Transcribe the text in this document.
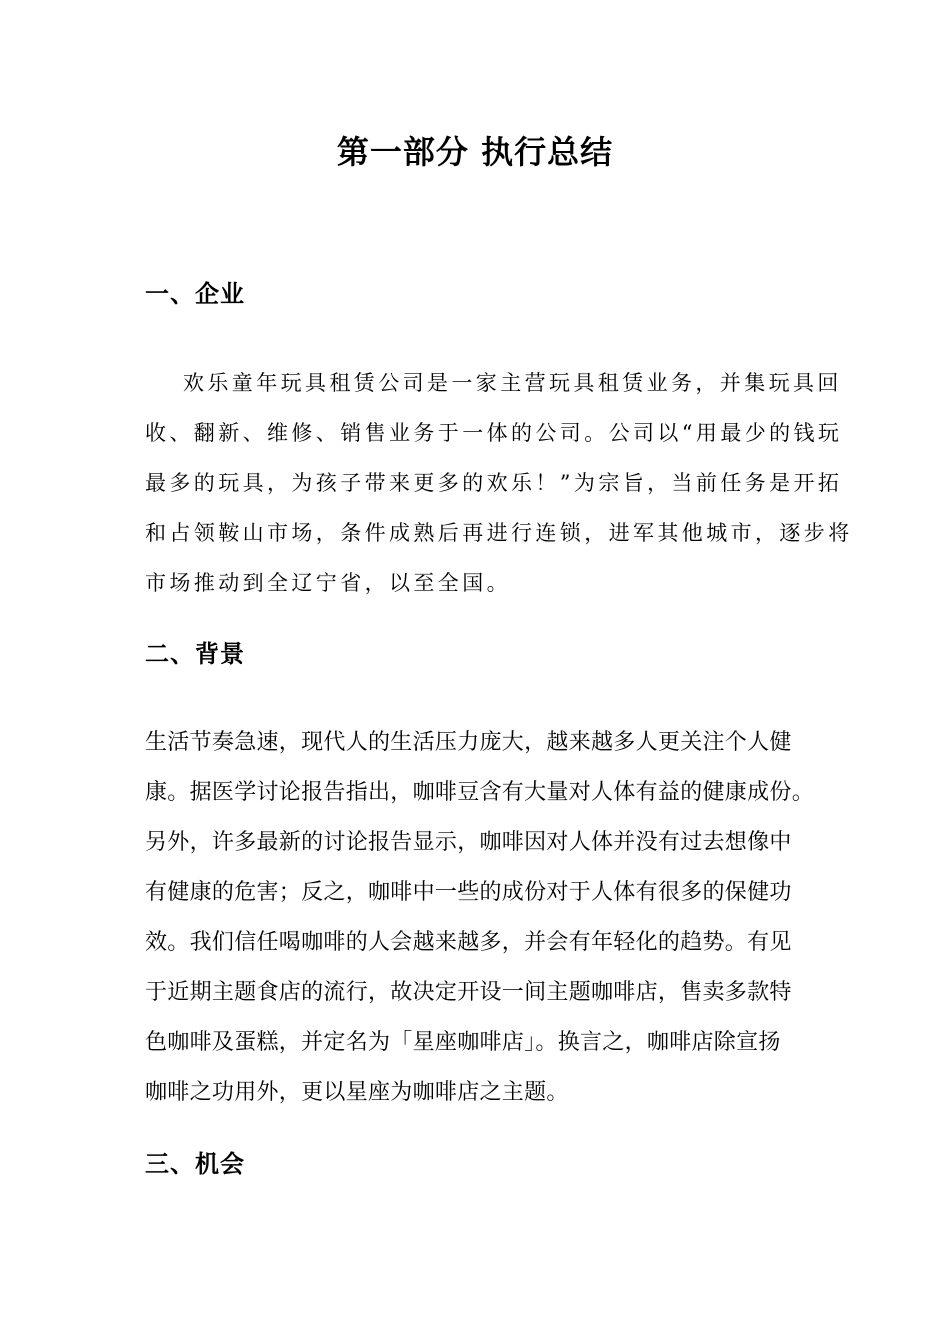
第一部分 执行总结
一、企业
欢乐童年玩具租赁公司是一家主营玩具租赁业务，并集玩具回
收、翻新、维修、销售业务于一体的公司。公司以“用最少的钱玩
最多的玩具，为孩子带来更多的欢乐！”为宗旨，当前任务是开拓
和占领鞍山市场，条件成熟后再进行连锁，进军其他城市，逐步将
市场推动到全辽宁省，以至全国。
二、背景
生活节奏急速，现代人的生活压力庞大，越来越多人更关注个人健
康。据医学讨论报告指出，咖啡豆含有大量对人体有益的健康成份。
另外，许多最新的讨论报告显示，咖啡因对人体并没有过去想像中
有健康的危害；反之，咖啡中一些的成份对于人体有很多的保健功
效。我们信任喝咖啡的人会越来越多，并会有年轻化的趋势。有见
于近期主题食店的流行，故决定开设一间主题咖啡店，售卖多款特
色咖啡及蛋糕，并定名为「星座咖啡店」。换言之，咖啡店除宣扬
咖啡之功用外，更以星座为咖啡店之主题。
三、机会
